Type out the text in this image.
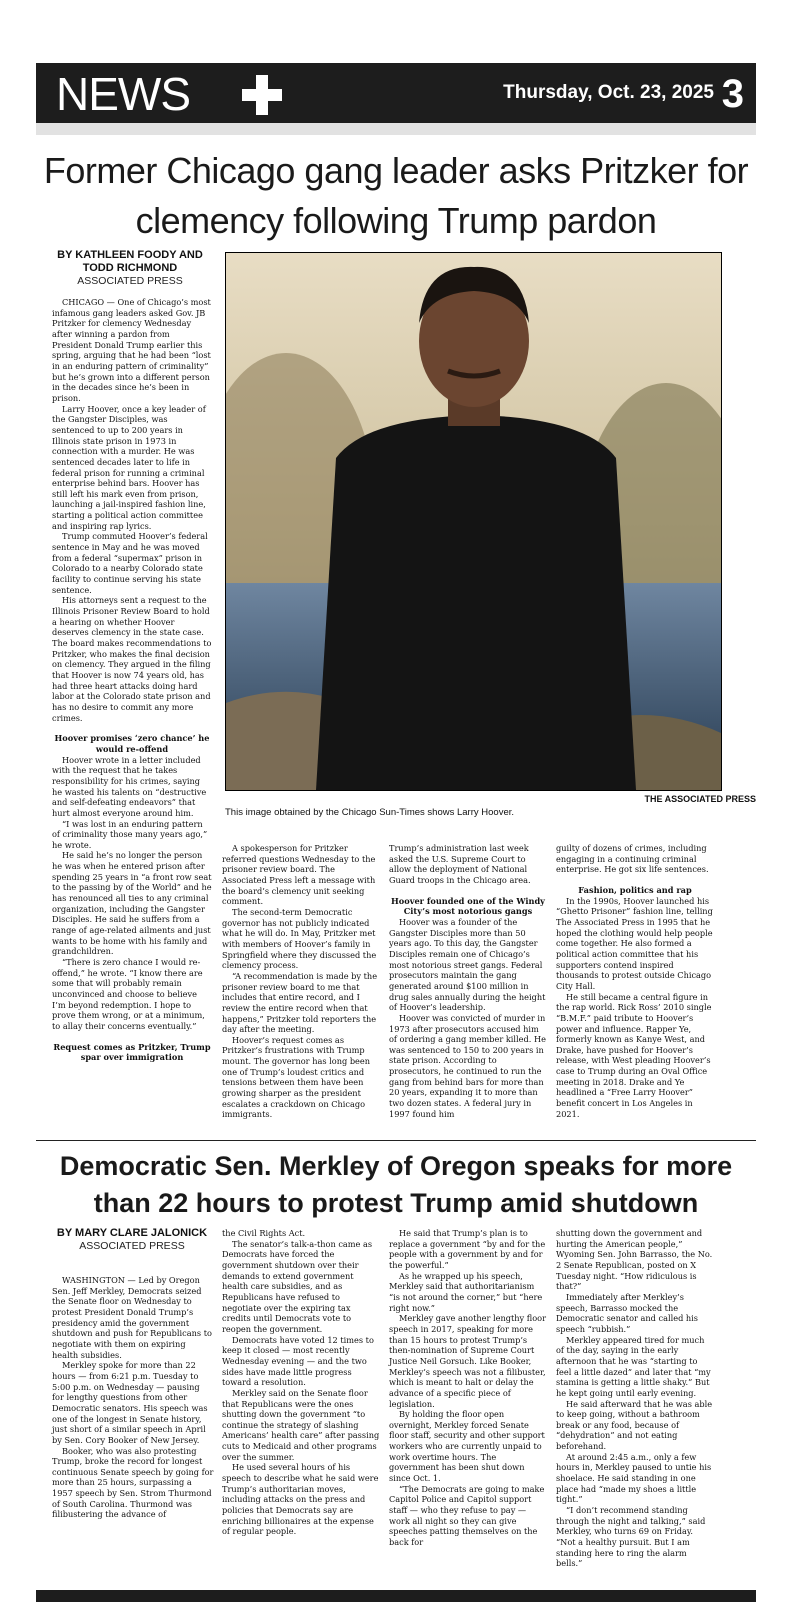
NEWS	Thursday, Oct. 23, 2025 3
Former Chicago gang leader asks Pritzker for clemency following Trump pardon
BY KATHLEEN FOODY AND TODD RICHMOND
ASSOCIATED PRESS

CHICAGO — One of Chicago’s most infamous gang leaders asked Gov. JB Pritzker for clemency Wednesday after winning a pardon from President Donald Trump earlier this spring, arguing that he had been “lost in an enduring pattern of criminality” but he’s grown into a different person in the decades since he’s been in prison.

Larry Hoover, once a key leader of the Gangster Disciples, was sentenced to up to 200 years in Illinois state prison in 1973 in connection with a murder. He was sentenced decades later to life in federal prison for running a criminal enterprise behind bars. Hoover has still left his mark even from prison, launching a jail-inspired fashion line, starting a political action committee and inspiring rap lyrics.

Trump commuted Hoover’s federal sentence in May and he was moved from a federal “supermax” prison in Colorado to a nearby Colorado state facility to continue serving his state sentence.

His attorneys sent a request to the Illinois Prisoner Review Board to hold a hearing on whether Hoover deserves clemency in the state case. The board makes recommendations to Pritzker, who makes the final decision on clemency. They argued in the filing that Hoover is now 74 years old, has had three heart attacks doing hard labor at the Colorado state prison and has no desire to commit any more crimes.

Hoover promises ‘zero chance’ he would re-offend

Hoover wrote in a letter included with the request that he takes responsibility for his crimes, saying he wasted his talents on “destructive and self-defeating endeavors” that hurt almost everyone around him.

“I was lost in an enduring pattern of criminality those many years ago,” he wrote.

He said he’s no longer the person he was when he entered prison after spending 25 years in “a front row seat to the passing by of the World” and he has renounced all ties to any criminal organization, including the Gangster Disciples. He said he suffers from a range of age-related ailments and just wants to be home with his family and grandchildren.

“There is zero chance I would re-offend,” he wrote. “I know there are some that will probably remain unconvinced and choose to believe I’m beyond redemption. I hope to prove them wrong, or at a minimum, to allay their concerns eventually.”

Request comes as Pritzker, Trump spar over immigration

THE ASSOCIATED PRESS
This image obtained by the Chicago Sun-Times shows Larry Hoover.

A spokesperson for Pritzker referred questions Wednesday to the prisoner review board. The Associated Press left a message with the board’s clemency unit seeking comment.

The second-term Democratic governor has not publicly indicated what he will do. In May, Pritzker met with members of Hoover’s family in Springfield where they discussed the clemency process.

“A recommendation is made by the prisoner review board to me that includes that entire record, and I review the entire record when that happens,” Pritzker told reporters the day after the meeting.

Hoover’s request comes as Pritzker’s frustrations with Trump mount. The governor has long been one of Trump’s loudest critics and tensions between them have been growing sharper as the president escalates a crackdown on Chicago immigrants.

Trump’s administration last week asked the U.S. Supreme Court to allow the deployment of National Guard troops in the Chicago area.

Hoover founded one of the Windy City’s most notorious gangs

Hoover was a founder of the Gangster Disciples more than 50 years ago. To this day, the Gangster Disciples remain one of Chicago’s most notorious street gangs. Federal prosecutors maintain the gang generated around $100 million in drug sales annually during the height of Hoover’s leadership.

Hoover was convicted of murder in 1973 after prosecutors accused him of ordering a gang member killed. He was sentenced to 150 to 200 years in state prison. According to prosecutors, he continued to run the gang from behind bars for more than 20 years, expanding it to more than two dozen states. A federal jury in 1997 found him

guilty of dozens of crimes, including engaging in a continuing criminal enterprise. He got six life sentences.

Fashion, politics and rap

In the 1990s, Hoover launched his “Ghetto Prisoner” fashion line, telling The Associated Press in 1995 that he hoped the clothing would help people come together. He also formed a political action committee that his supporters contend inspired thousands to protest outside Chicago City Hall.

He still became a central figure in the rap world. Rick Ross’ 2010 single “B.M.F.” paid tribute to Hoover’s power and influence. Rapper Ye, formerly known as Kanye West, and Drake, have pushed for Hoover’s release, with West pleading Hoover’s case to Trump during an Oval Office meeting in 2018. Drake and Ye headlined a “Free Larry Hoover” benefit concert in Los Angeles in 2021.

Democratic Sen. Merkley of Oregon speaks for more than 22 hours to protest Trump amid shutdown
BY MARY CLARE JALONICK
ASSOCIATED PRESS

WASHINGTON — Led by Oregon Sen. Jeff Merkley, Democrats seized the Senate floor on Wednesday to protest President Donald Trump’s presidency amid the government shutdown and push for Republicans to negotiate with them on expiring health subsidies.

Merkley spoke for more than 22 hours — from 6:21 p.m. Tuesday to 5:00 p.m. on Wednesday — pausing for lengthy questions from other Democratic senators. His speech was one of the longest in Senate history, just short of a similar speech in April by Sen. Cory Booker of New Jersey.

Booker, who was also protesting Trump, broke the record for longest continuous Senate speech by going for more than 25 hours, surpassing a 1957 speech by Sen. Strom Thurmond of South Carolina. Thurmond was filibustering the advance of

the Civil Rights Act.

The senator’s talk-a-thon came as Democrats have forced the government shutdown over their demands to extend government health care subsidies, and as Republicans have refused to negotiate over the expiring tax credits until Democrats vote to reopen the government.

Democrats have voted 12 times to keep it closed — most recently Wednesday evening — and the two sides have made little progress toward a resolution.

Merkley said on the Senate floor that Republicans were the ones shutting down the government “to continue the strategy of slashing Americans’ health care” after passing cuts to Medicaid and other programs over the summer.

He used several hours of his speech to describe what he said were Trump’s authoritarian moves, including attacks on the press and policies that Democrats say are enriching billionaires at the expense of regular people.

He said that Trump’s plan is to replace a government “by and for the people with a government by and for the powerful.”

As he wrapped up his speech, Merkley said that authoritarianism “is not around the corner,” but “here right now.”

Merkley gave another lengthy floor speech in 2017, speaking for more than 15 hours to protest Trump’s then-nomination of Supreme Court Justice Neil Gorsuch. Like Booker, Merkley’s speech was not a filibuster, which is meant to halt or delay the advance of a specific piece of legislation.

By holding the floor open overnight, Merkley forced Senate floor staff, security and other support workers who are currently unpaid to work overtime hours. The government has been shut down since Oct. 1.

“The Democrats are going to make Capitol Police and Capitol support staff — who they refuse to pay — work all night so they can give speeches patting themselves on the back for

shutting down the government and hurting the American people,” Wyoming Sen. John Barrasso, the No. 2 Senate Republican, posted on X Tuesday night. “How ridiculous is that?”

Immediately after Merkley’s speech, Barrasso mocked the Democratic senator and called his speech “rubbish.”

Merkley appeared tired for much of the day, saying in the early afternoon that he was “starting to feel a little dazed” and later that “my stamina is getting a little shaky.” But he kept going until early evening.

He said afterward that he was able to keep going, without a bathroom break or any food, because of “dehydration” and not eating beforehand.

At around 2:45 a.m., only a few hours in, Merkley paused to untie his shoelace. He said standing in one place had “made my shoes a little tight.”

“I don’t recommend standing through the night and talking,” said Merkley, who turns 69 on Friday. “Not a healthy pursuit. But I am standing here to ring the alarm bells.”
